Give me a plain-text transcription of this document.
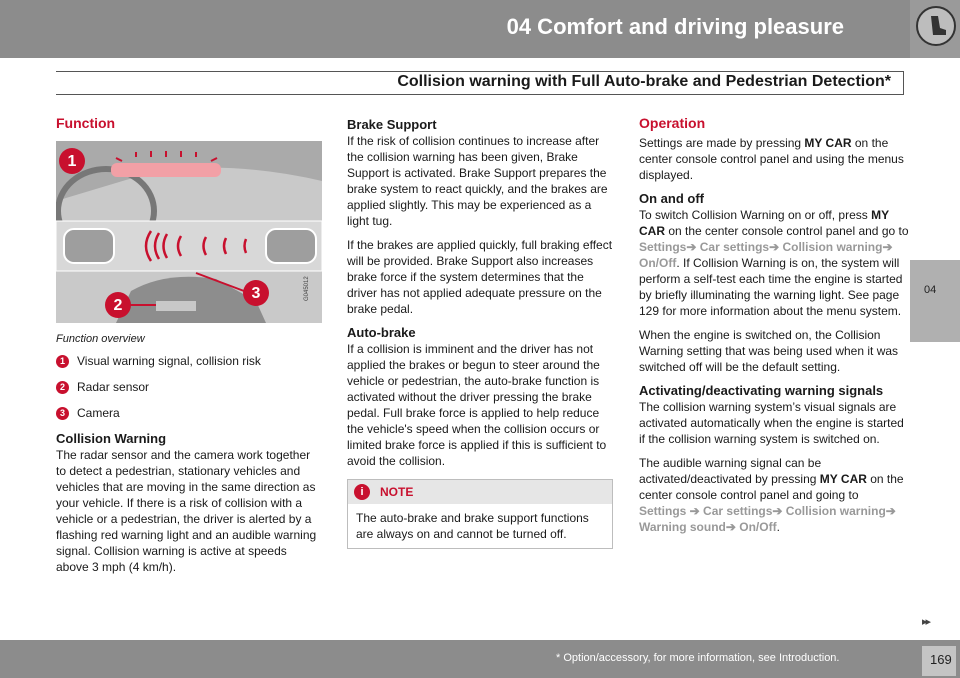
04 Comfort and driving pleasure
Collision warning with Full Auto-brake and Pedestrian Detection*
04
Function
1
2
3	G045012
Function overview
1	Visual warning signal, collision risk
2	Radar sensor
3	Camera
Collision Warning

The radar sensor and the camera work together to detect a pedestrian, stationary vehicles and vehicles that are moving in the same direction as your vehicle. If there is a risk of collision with a vehicle or a pedestrian, the driver is alerted by a flashing red warning light and an audible warning signal. Collision warning is active at speeds above 3 mph (4 km/h).

Brake Support

If the risk of collision continues to increase after the collision warning has been given, Brake Support is activated. Brake Support prepares the brake system to react quickly, and the brakes are applied slightly. This may be experienced as a light tug.

If the brakes are applied quickly, full braking effect will be provided. Brake Support also increases brake force if the system determines that the driver has not applied adequate pressure on the brake pedal.

Auto-brake

If a collision is imminent and the driver has not applied the brakes or begun to steer around the vehicle or pedestrian, the auto-brake function is activated without the driver pressing the brake pedal. Full brake force is applied to help reduce the vehicle's speed when the collision occurs or limited brake force is applied if this is sufficient to avoid the collision.

i	NOTE
The auto-brake and brake support functions are always on and cannot be turned off.
Operation

Settings are made by pressing MY CAR on the center console control panel and using the menus displayed.

On and off

To switch Collision Warning on or off, press MY CAR on the center console control panel and go to Settings➔ Car settings➔ Collision warning➔ On/Off. If Collision Warning is on, the system will perform a self-test each time the engine is started by briefly illuminating the warning light. See page 129 for more information about the menu system.

When the engine is switched on, the Collision Warning setting that was being used when it was switched off will be the default setting.

Activating/deactivating warning signals

The collision warning system’s visual signals are activated automatically when the engine is started if the collision warning system is switched on.

The audible warning signal can be activated/deactivated by pressing MY CAR on the center console control panel and going to Settings ➔ Car settings➔ Collision warning➔ Warning sound➔ On/Off.

▸▸
* Option/accessory, for more information, see Introduction.	169
